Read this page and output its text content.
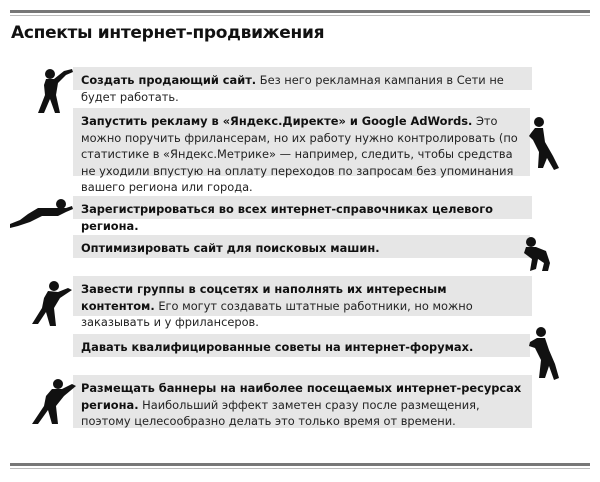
Аспекты интернет-продвижения
Создать продающий сайт. Без него рекламная кампания в Сети не будет работать.
Запустить рекламу в «Яндекс.Директе» и Google AdWords. Это можно поручить фрилансерам, но их работу нужно контролировать (по статистике в «Яндекс.Метрике» — например, следить, чтобы средства не уходили впустую на оплату переходов по запросам без упоминания вашего региона или города.
Зарегистрироваться во всех интернет-справочниках целевого региона.
Оптимизировать сайт для поисковых машин.
Завести группы в соцсетях и наполнять их интересным контентом. Его могут создавать штатные работники, но можно заказывать и у фрилансеров.
Давать квалифицированные советы на интернет-форумах.
Размещать баннеры на наиболее посещаемых интернет-ресурсах региона. Наибольший эффект заметен сразу после размещения, поэтому целесообразно делать это только время от времени.
